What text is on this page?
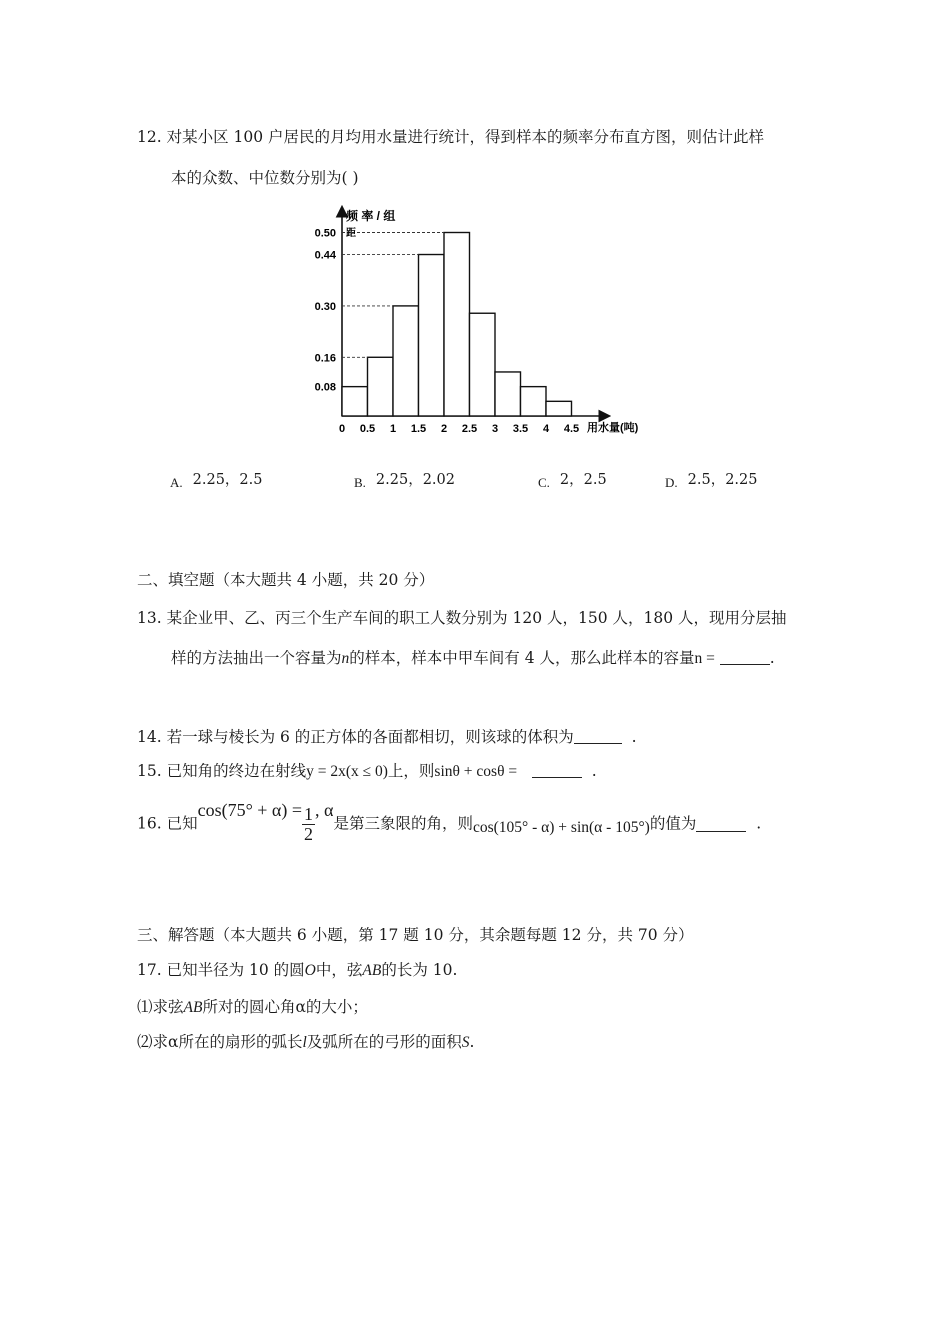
12. 对某小区 100 户居民的月均用水量进行统计，得到样本的频率分布直方图，则估计此样
本的众数、中位数分别为( )
0.08
0.16
0.30
0.44
0.50
0 0.5 1 1.5 2 2.5 3 3.5 4 4.5
频 率 / 组
距
用水量(吨)
A. 2.25，2.5	B. 2.25，2.02	C. 2，2.5	D. 2.5，2.25
二、填空题（本大题共 4 小题，共 20 分）
13. 某企业甲、乙、丙三个生产车间的职工人数分别为 120 人，150 人，180 人，现用分层抽
样的方法抽出一个容量为n的样本，样本中甲车间有 4 人，那么此样本的容量n =	.
14. 若一球与棱长为 6 的正方体的各面都相切，则该球的体积为	.
15. 已知角的终边在射线y = 2x(x ≤ 0)上，则sinθ + cosθ =	.
16. 已知$\cos(75^\circ + \alpha) = \frac{1}{2}$ , α是第三象限的角，则cos(105° - α) + sin(α - 105°)的值为	.
三、解答题（本大题共 6 小题，第 17 题 10 分，其余题每题 12 分，共 70 分）
17. 已知半径为 10 的圆O中，弦AB的长为 10.
⑴求弦AB所对的圆心角α的大小；
⑵求α所在的扇形的弧长l及弧所在的弓形的面积S.
